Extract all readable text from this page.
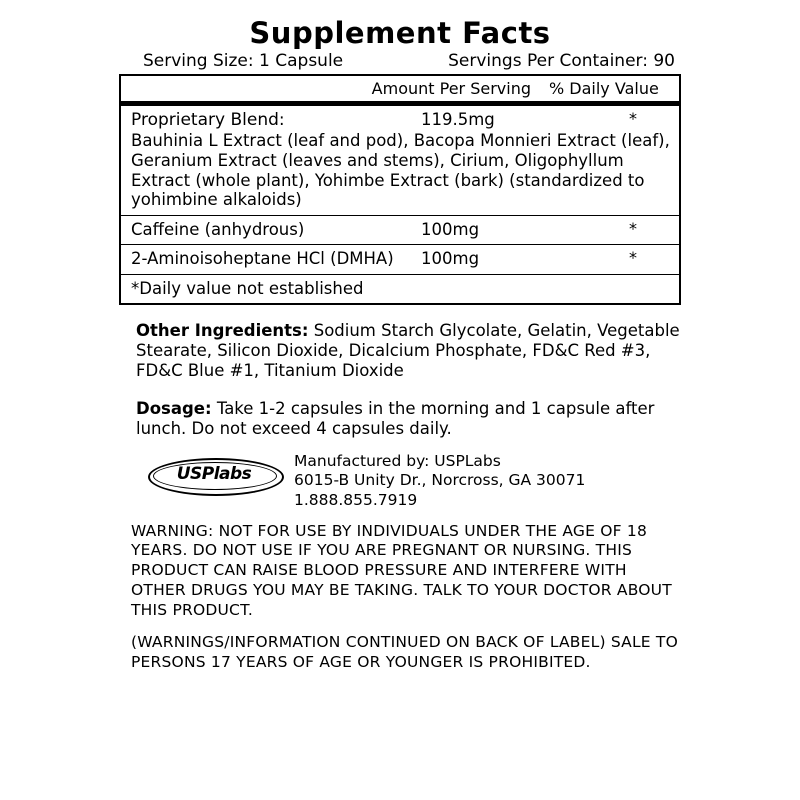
Supplement Facts
Serving Size: 1 Capsule	Servings Per Container: 90
Amount Per Serving % Daily Value
Proprietary Blend:	119.5mg	*
Bauhinia L Extract (leaf and pod), Bacopa Monnieri Extract (leaf), Geranium Extract (leaves and stems), Cirium, Oligophyllum Extract (whole plant), Yohimbe Extract (bark) (standardized to yohimbine alkaloids)
Caffeine (anhydrous)	100mg	*
2-Aminoisoheptane HCl (DMHA) 100mg	*
*Daily value not established
Other Ingredients: Sodium Starch Glycolate, Gelatin, Vegetable Stearate, Silicon Dioxide, Dicalcium Phosphate, FD&C Red #3, FD&C Blue #1, Titanium Dioxide
Dosage: Take 1-2 capsules in the morning and 1 capsule after lunch. Do not exceed 4 capsules daily.
USPlabs
Manufactured by: USPLabs
6015-B Unity Dr., Norcross, GA 30071
1.888.855.7919
WARNING: NOT FOR USE BY INDIVIDUALS UNDER THE AGE OF 18 YEARS. DO NOT USE IF YOU ARE PREGNANT OR NURSING. THIS PRODUCT CAN RAISE BLOOD PRESSURE AND INTERFERE WITH OTHER DRUGS YOU MAY BE TAKING. TALK TO YOUR DOCTOR ABOUT THIS PRODUCT.
(WARNINGS/INFORMATION CONTINUED ON BACK OF LABEL) SALE TO PERSONS 17 YEARS OF AGE OR YOUNGER IS PROHIBITED.
